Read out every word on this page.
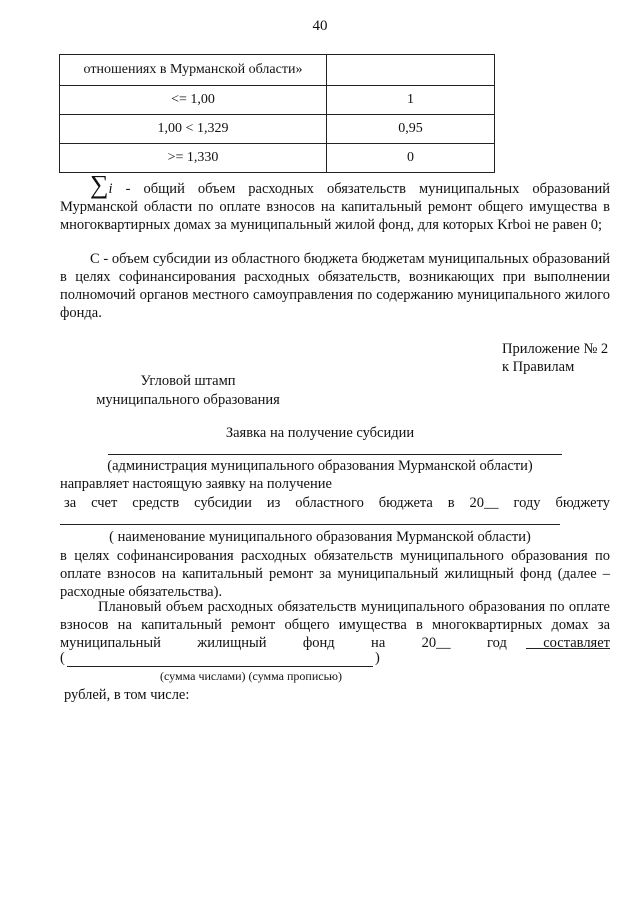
40
отношениях в Мурманской области»	
<= 1,00	1
1,00 < 1,329	0,95
>= 1,330	0
∑i - общий объем расходных обязательств муниципальных образований Мурманской области по оплате взносов на капитальный ремонт общего имущества в многоквартирных домах за муниципальный жилой фонд, для которых Krboi не равен 0;
С - объем субсидии из областного бюджета бюджетам муниципальных образований в целях софинансирования расходных обязательств, возникающих при выполнении полномочий органов местного самоуправления по содержанию муниципального жилого фонда.
Приложение № 2
к Правилам
Угловой штамп
муниципального образования
Заявка на получение субсидии
(администрация муниципального образования Мурманской области)
направляет настоящую заявку на получение
за счет средств субсидии из областного бюджета в 20__ году бюджету
( наименование муниципального образования Мурманской области)
в целях софинансирования расходных обязательств муниципального образования по оплате взносов на капитальный ремонт за муниципальный жилищный фонд (далее – расходные обязательства).
Плановый объем расходных обязательств муниципального образования по оплате взносов на капитальный ремонт общего имущества в многоквартирных домах за муниципальный жилищный фонд на 20__ год составляет
(	)
(сумма числами) (сумма прописью)
рублей, в том числе:
